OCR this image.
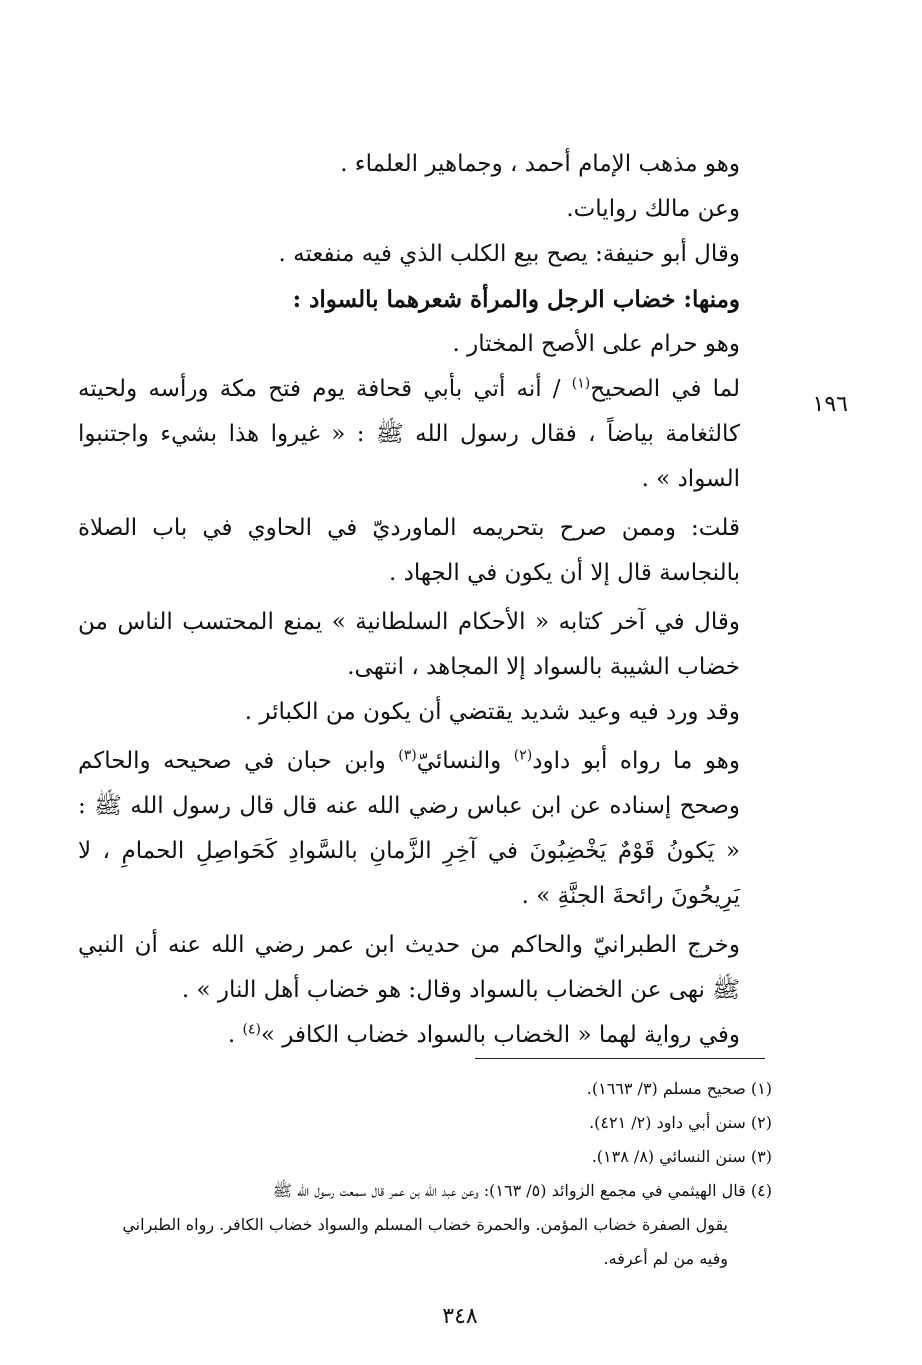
١٩٦

وهو مذهب الإمام أحمد ، وجماهير العلماء .

وعن مالك روايات.

وقال أبو حنيفة: يصح بيع الكلب الذي فيه منفعته .

ومنها: خضاب الرجل والمرأة شعرهما بالسواد :

وهو حرام على الأصح المختار .

لما في الصحيح$^{(١)}$ / أنه أتي بأبي قحافة يوم فتح مكة ورأسه ولحيته كالثغامة بياضاً ، فقال رسول الله ﷺ : « غيروا هذا بشيء واجتنبوا السواد » .

قلت: وممن صرح بتحريمه الماورديّ في الحاوي في باب الصلاة بالنجاسة قال إلا أن يكون في الجهاد .

وقال في آخر كتابه « الأحكام السلطانية » يمنع المحتسب الناس من خضاب الشيبة بالسواد إلا المجاهد ، انتهى.

وقد ورد فيه وعيد شديد يقتضي أن يكون من الكبائر .

وهو ما رواه أبو داود$^{(٢)}$ والنسائيّ$^{(٣)}$ وابن حبان في صحيحه والحاكم وصحح إسناده عن ابن عباس رضي الله عنه قال قال رسول الله ﷺ : « يَكونُ قَوْمٌ يَخْضِبُونَ في آخِرِ الزَّمانِ بالسَّوادِ كَحَواصِلِ الحمامِ ، لا يَرِيحُونَ رائحةَ الجنَّةِ » .

وخرج الطبرانيّ والحاكم من حديث ابن عمر رضي الله عنه أن النبي ﷺ نهى عن الخضاب بالسواد وقال: هو خضاب أهل النار » .

وفي رواية لهما « الخضاب بالسواد خضاب الكافر »$^{(٤)}$ .

(١) صحيح مسلم (٣/ ١٦٦٣).

(٢) سنن أبي داود (٢/ ٤٢١).

(٣) سنن النسائي (٨/ ١٣٨).

(٤) قال الهيثمي في مجمع الزوائد (٥/ ١٦٣): وعن عبد الله بن عمر قال سمعت رسول الله ﷺ

يقول الصفرة خضاب المؤمن. والحمرة خضاب المسلم والسواد خضاب الكافر. رواه الطبراني

وفيه من لم أعرفه.

٣٤٨
